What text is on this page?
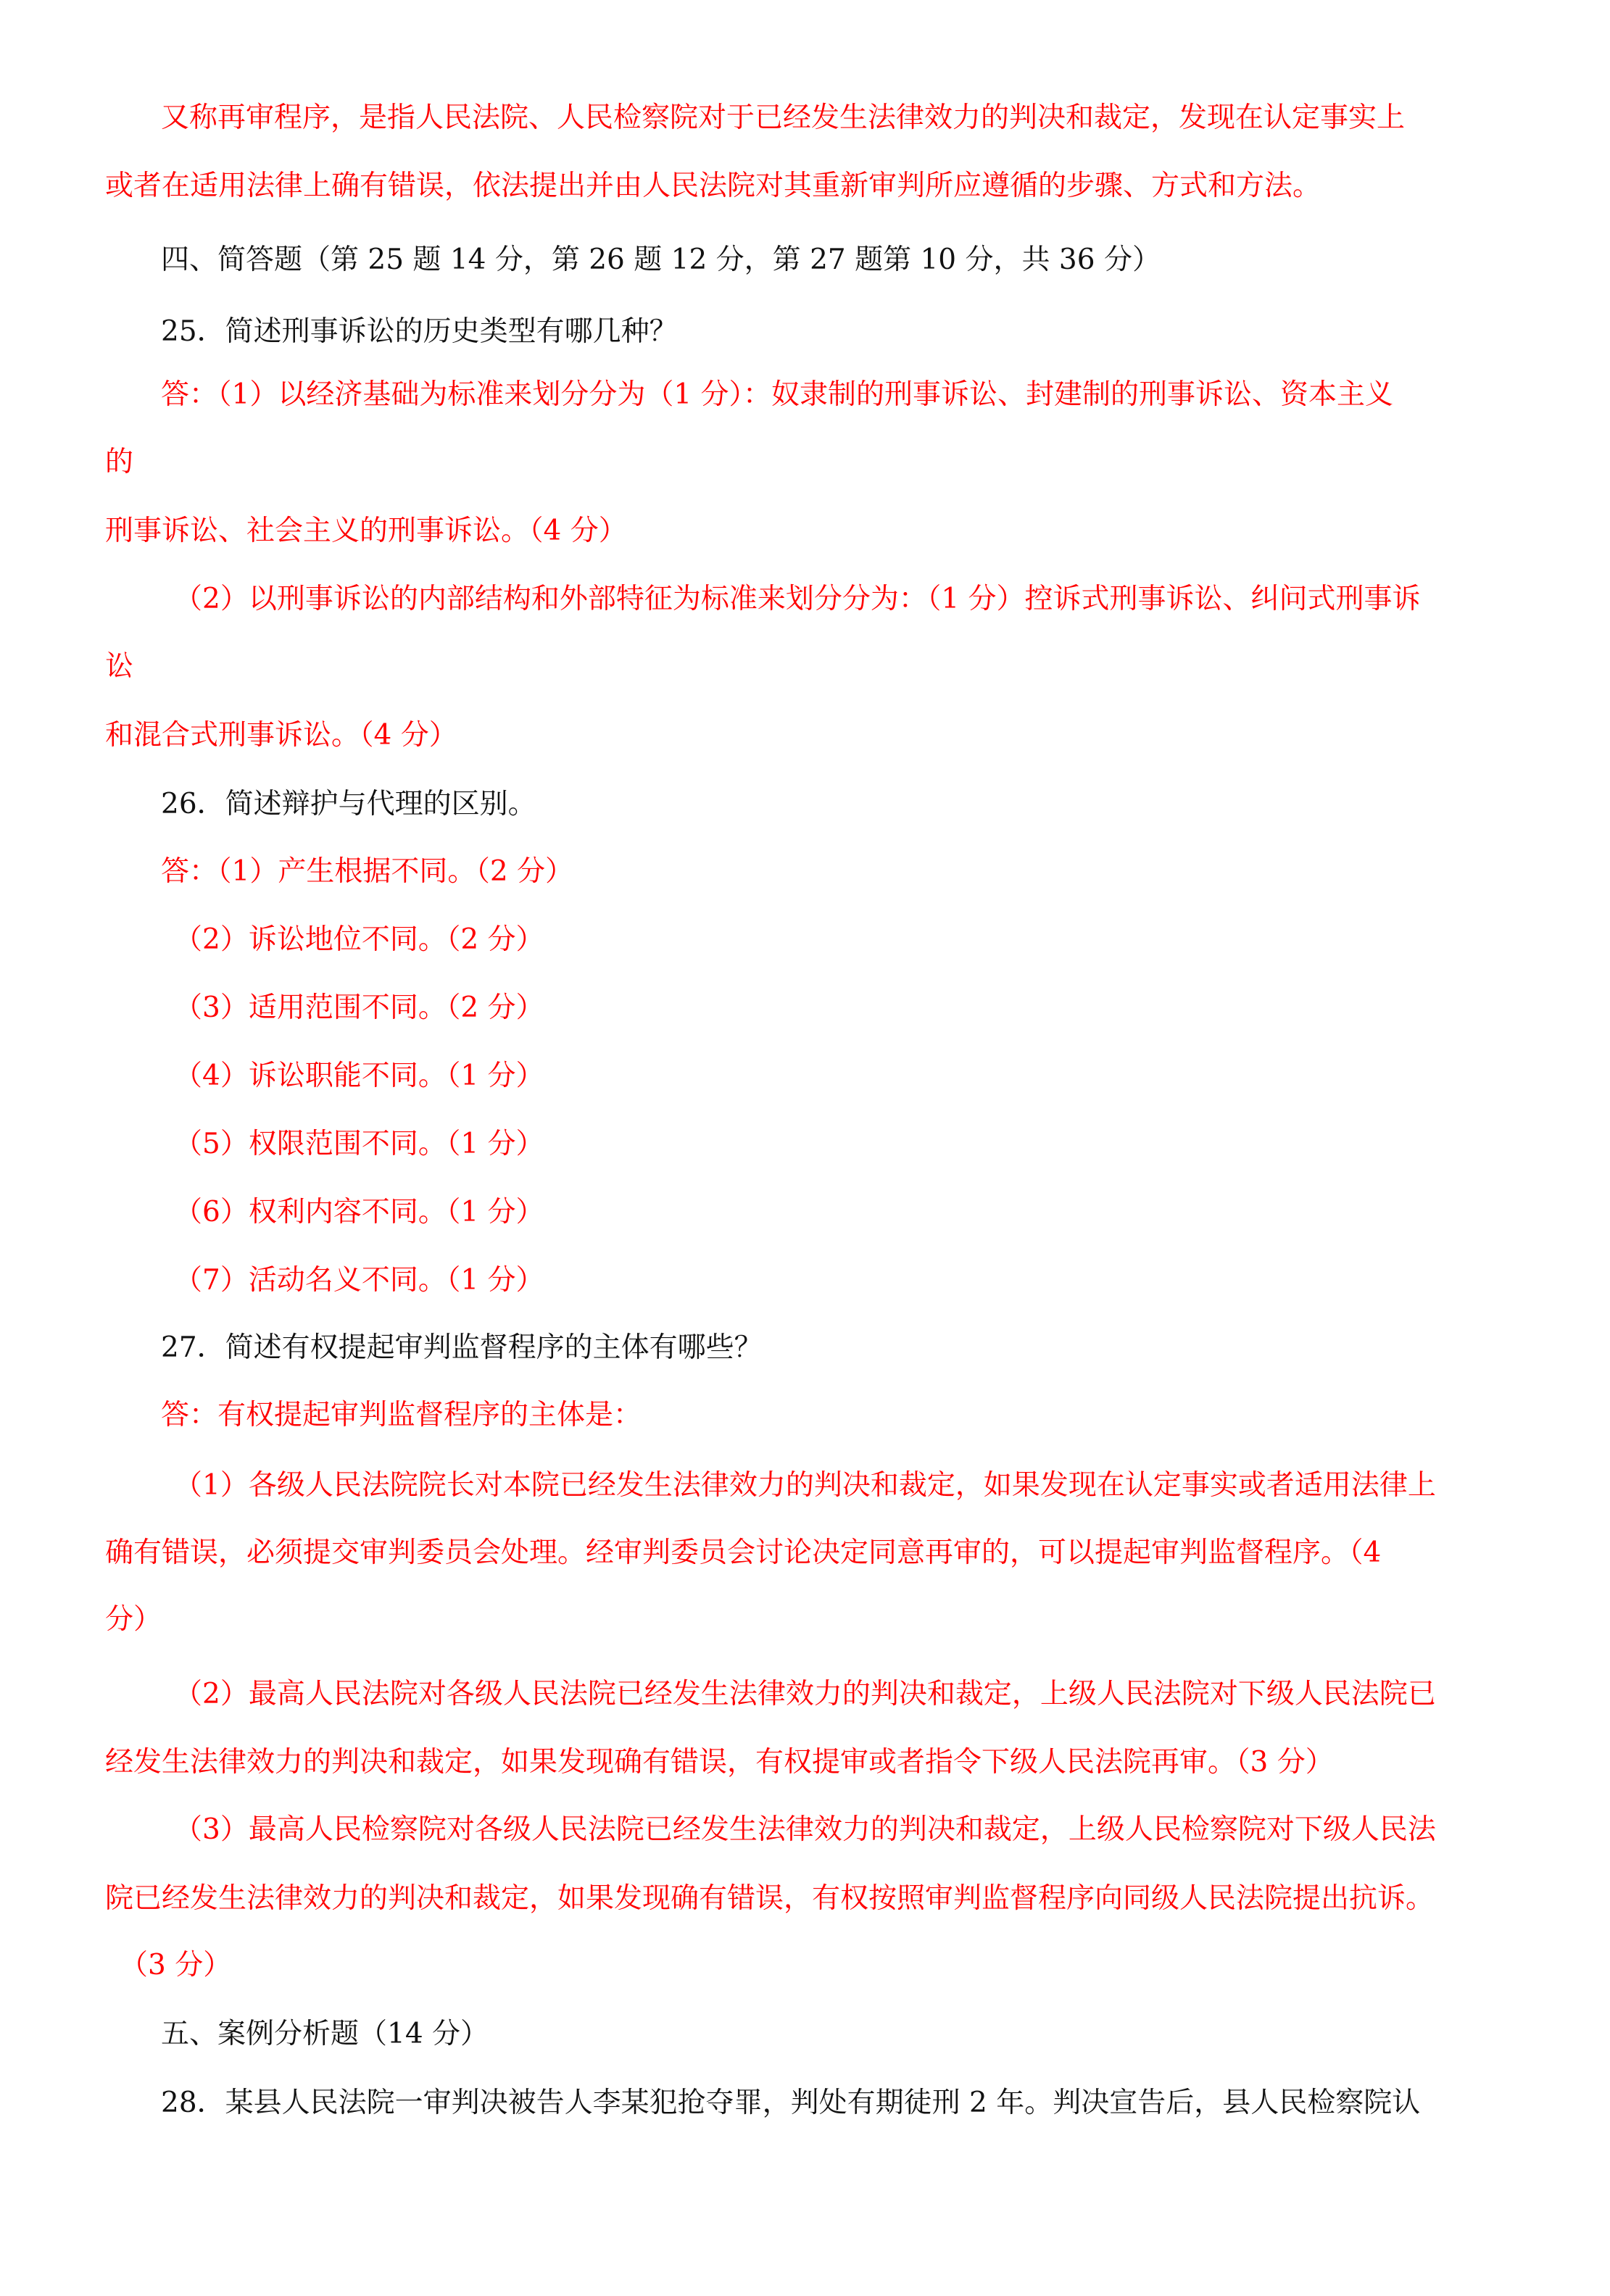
又称再审程序，是指人民法院、人民检察院对于已经发生法律效力的判决和裁定，发现在认定事实上
或者在适用法律上确有错误，依法提出并由人民法院对其重新审判所应遵循的步骤、方式和方法。
四、简答题（第 25 题 14 分，第 26 题 12 分，第 27 题第 10 分，共 36 分）
25．简述刑事诉讼的历史类型有哪几种？
答：（1）以经济基础为标准来划分分为（1 分）：奴隶制的刑事诉讼、封建制的刑事诉讼、资本主义
的
刑事诉讼、社会主义的刑事诉讼。（4 分）
（2）以刑事诉讼的内部结构和外部特征为标准来划分分为：（1 分）控诉式刑事诉讼、纠问式刑事诉
讼
和混合式刑事诉讼。（4 分）
26．简述辩护与代理的区别。
答：（1）产生根据不同。（2 分）
（2）诉讼地位不同。（2 分）
（3）适用范围不同。（2 分）
（4）诉讼职能不同。（1 分）
（5）权限范围不同。（1 分）
（6）权利内容不同。（1 分）
（7）活动名义不同。（1 分）
27．简述有权提起审判监督程序的主体有哪些？
答：有权提起审判监督程序的主体是：
（1）各级人民法院院长对本院已经发生法律效力的判决和裁定，如果发现在认定事实或者适用法律上
确有错误，必须提交审判委员会处理。经审判委员会讨论决定同意再审的，可以提起审判监督程序。（4
分）
（2）最高人民法院对各级人民法院已经发生法律效力的判决和裁定，上级人民法院对下级人民法院已
经发生法律效力的判决和裁定，如果发现确有错误，有权提审或者指令下级人民法院再审。（3 分）
（3）最高人民检察院对各级人民法院已经发生法律效力的判决和裁定，上级人民检察院对下级人民法
院已经发生法律效力的判决和裁定，如果发现确有错误，有权按照审判监督程序向同级人民法院提出抗诉。
（3 分）
五、案例分析题（14 分）
28．某县人民法院一审判决被告人李某犯抢夺罪，判处有期徒刑 2 年。判决宣告后，县人民检察院认
